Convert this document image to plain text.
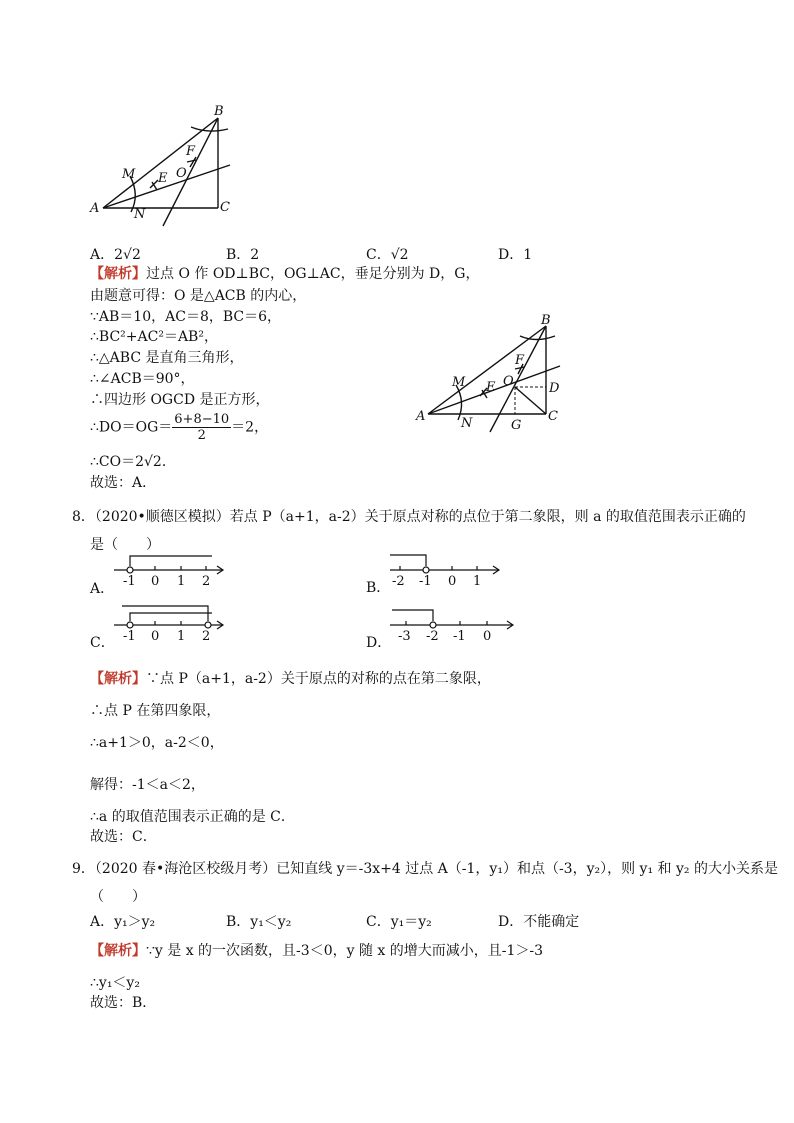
B
A	C
M
N
E
F
O
A．2√2	B．2	C．√2	D．1
【解析】过点 O 作 OD⊥BC，OG⊥AC，垂足分别为 D，G，
由题意可得：O 是△ACB 的内心，
∵AB＝10，AC＝8，BC＝6，
∴BC²+AC²＝AB²，
∴△ABC 是直角三角形，
∴∠ACB＝90°，
∴四边形 OGCD 是正方形，
∴DO＝OG＝ $\frac{6+8-10}{2} =2$，
∴CO＝2√2．
故选：A．
B
A	C
D
G
M
N
E
F
O
8．（2020•顺德区模拟）若点 P（a+1，a-2）关于原点对称的点位于第二象限，则 a 的取值范围表示正确的
是（　　）
A．	B．
C．	D．
-1 0 1 2	-2 -1 0 1
-1 0 1 2	-3 -2 -1 0
【解析】∵点 P（a+1，a-2）关于原点的对称的点在第二象限，
∴点 P 在第四象限，
∴a+1＞0，a-2＜0，
解得：-1＜a＜2，
∴a 的取值范围表示正确的是 C．
故选：C．
9．（2020 春•海沧区校级月考）已知直线 y＝-3x+4 过点 A（-1，y₁）和点（-3，y₂），则 y₁ 和 y₂ 的大小关系是
（　　）
A．y₁＞y₂	B．y₁＜y₂	C．y₁＝y₂	D．不能确定
【解析】∵y 是 x 的一次函数，且-3＜0，y 随 x 的增大而减小，且-1＞-3
∴y₁＜y₂
故选：B．
